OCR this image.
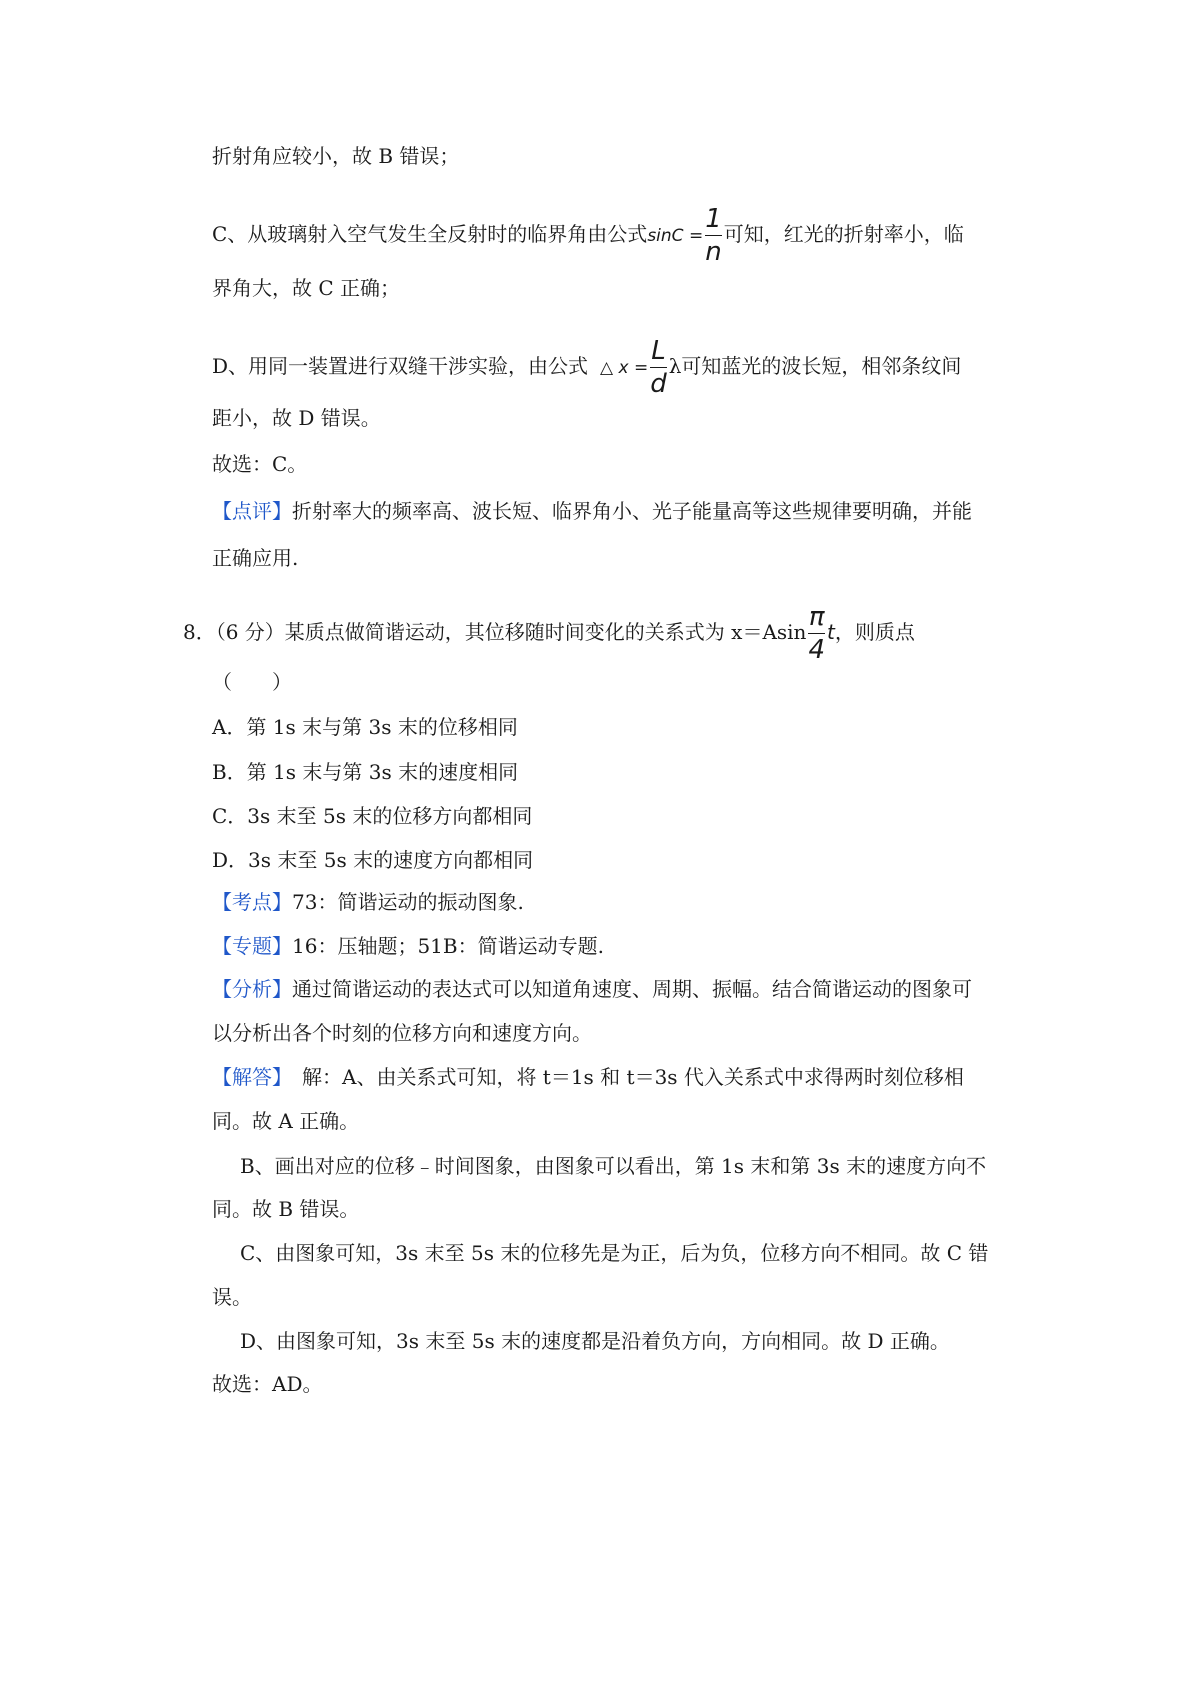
折射角应较小，故 B 错误；
C、从玻璃射入空气发生全反射时的临界角由公式$\sin C = \frac{1}{n}$ 可知，红光的折射率小，临
界角大，故 C 正确；
D、用同一装置进行双缝干涉实验，由公式 △ $x = \frac{L}{d}$ λ可知蓝光的波长短，相邻条纹间
距小，故 D 错误。
故选：C。
【点评】折射率大的频率高、波长短、临界角小、光子能量高等这些规律要明确，并能
正确应用.
8．（6 分）某质点做简谐运动，其位移随时间变化的关系式为 $x=Asin \frac{\pi}{4}$ t，则质点
（　　）
A．第 1s 末与第 3s 末的位移相同
B．第 1s 末与第 3s 末的速度相同
C．3s 末至 5s 末的位移方向都相同
D．3s 末至 5s 末的速度方向都相同
【考点】73：简谐运动的振动图象.
【专题】16：压轴题；51B：简谐运动专题.
【分析】通过简谐运动的表达式可以知道角速度、周期、振幅。结合简谐运动的图象可
以分析出各个时刻的位移方向和速度方向。
【解答】　解：A、由关系式可知，将 t＝1s 和 t＝3s 代入关系式中求得两时刻位移相
同。故 A 正确。
B、画出对应的位移﹣时间图象，由图象可以看出，第 1s 末和第 3s 末的速度方向不
同。故 B 错误。
C、由图象可知，3s 末至 5s 末的位移先是为正，后为负，位移方向不相同。故 C 错
误。
D、由图象可知，3s 末至 5s 末的速度都是沿着负方向，方向相同。故 D 正确。
故选：AD。
